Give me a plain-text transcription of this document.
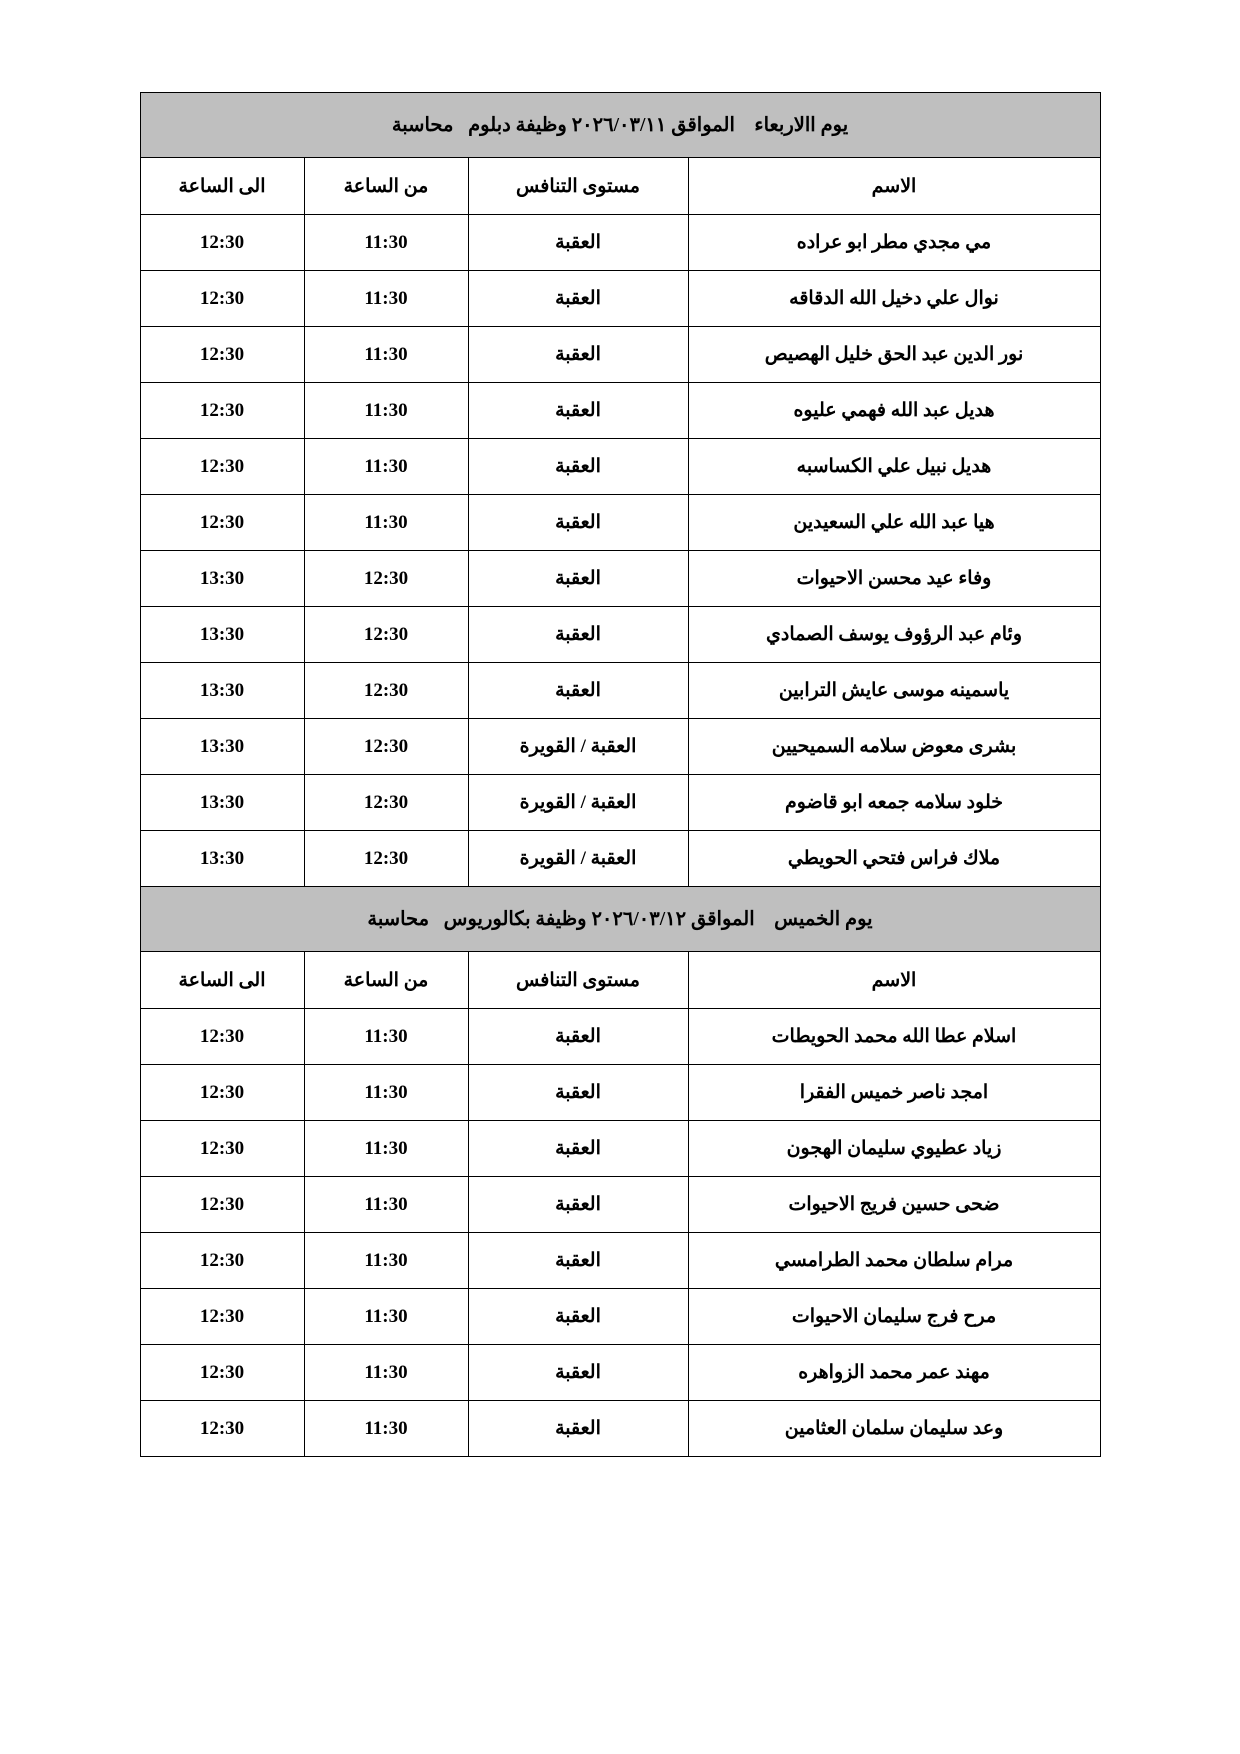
يوم االاربعاء    المواقق ٢٠٢٦/٠٣/١١ وظيفة دبلوم   محاسبة			

الاسم	مستوى التنافس	من الساعة	الى الساعة
مي مجدي مطر ابو عراده	العقبة	11:30	12:30
نوال علي دخيل الله الدقاقه	العقبة	11:30	12:30
نور الدين عبد الحق خليل الهصيص	العقبة	11:30	12:30
هديل عبد الله فهمي عليوه	العقبة	11:30	12:30
هديل نبيل علي الكساسبه	العقبة	11:30	12:30
هيا عبد الله علي السعيدين	العقبة	11:30	12:30
وفاء عيد محسن الاحيوات	العقبة	12:30	13:30
وئام عبد الرؤوف يوسف الصمادي	العقبة	12:30	13:30
ياسمينه موسى عايش الترابين	العقبة	12:30	13:30
بشرى معوض سلامه السميحيين	العقبة / القويرة	12:30	13:30
خلود سلامه جمعه ابو قاضوم	العقبة / القويرة	12:30	13:30
ملاك فراس فتحي الحويطي	العقبة / القويرة	12:30	13:30

يوم الخميس    المواقق ٢٠٢٦/٠٣/١٢ وظيفة بكالوريوس   محاسبة			

الاسم	مستوى التنافس	من الساعة	الى الساعة
اسلام عطا الله محمد الحويطات	العقبة	11:30	12:30
امجد ناصر خميس الفقرا	العقبة	11:30	12:30
زياد عطيوي سليمان الهجون	العقبة	11:30	12:30
ضحى حسين فريج الاحيوات	العقبة	11:30	12:30
مرام سلطان محمد الطرامسي	العقبة	11:30	12:30
مرح فرج سليمان الاحيوات	العقبة	11:30	12:30
مهند عمر محمد الزواهره	العقبة	11:30	12:30
وعد سليمان سلمان العثامين	العقبة	11:30	12:30
